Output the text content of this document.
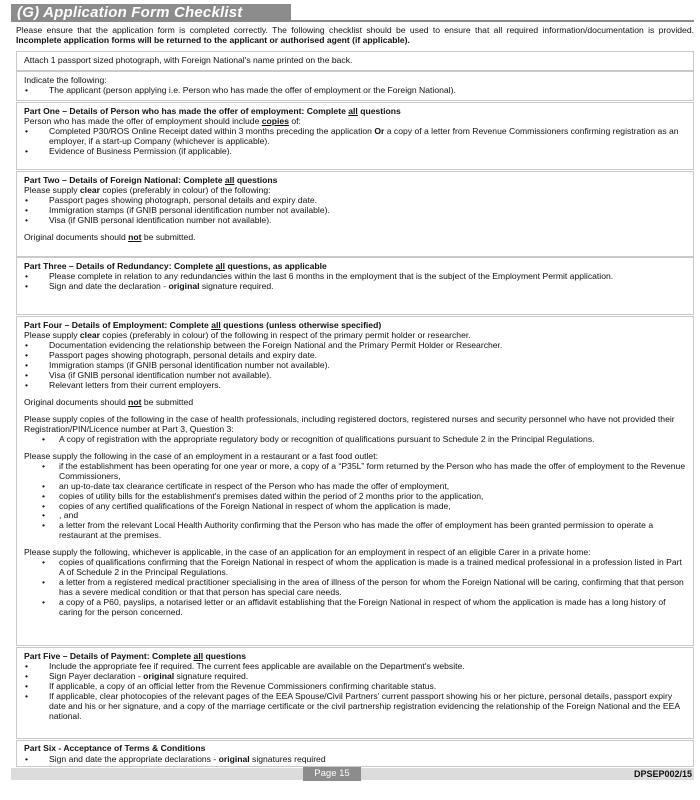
(G) Application Form Checklist

Please ensure that the application form is completed correctly. The following checklist should be used to ensure that all required information/documentation is provided. Incomplete application forms will be returned to the applicant or authorised agent (if applicable).

Attach 1 passport sized photograph, with Foreign National's name printed on the back.

Indicate the following:

• The applicant (person applying i.e. Person who has made the offer of employment or the Foreign National).

Part One – Details of Person who has made the offer of employment: Complete all questions

Person who has made the offer of employment should include copies of:

• Completed P30/ROS Online Receipt dated within 3 months preceding the application Or a copy of a letter from Revenue Commissioners confirming registration as an employer, if a start-up Company (whichever is applicable).
• Evidence of Business Permission (if applicable).

Part Two – Details of Foreign National: Complete all questions

Please supply clear copies (preferably in colour) of the following:

• Passport pages showing photograph, personal details and expiry date.
• Immigration stamps (if GNIB personal identification number not available).
• Visa (if GNIB personal identification number not available).

Original documents should not be submitted.

Part Three – Details of Redundancy: Complete all questions, as applicable

• Please complete in relation to any redundancies within the last 6 months in the employment that is the subject of the Employment Permit application.
• Sign and date the declaration - original signature required.

Part Four – Details of Employment: Complete all questions (unless otherwise specified)

Please supply clear copies (preferably in colour) of the following in respect of the primary permit holder or researcher.

• Documentation evidencing the relationship between the Foreign National and the Primary Permit Holder or Researcher.
• Passport pages showing photograph, personal details and expiry date.
• Immigration stamps (if GNIB personal identification number not available).
• Visa (if GNIB personal identification number not available).
• Relevant letters from their current employers.

Original documents should not be submitted

Please supply copies of the following in the case of health professionals, including registered doctors, registered nurses and security personnel who have not provided their Registration/PIN/Licence number at Part 3, Question 3:

• A copy of registration with the appropriate regulatory body or recognition of qualifications pursuant to Schedule 2 in the Principal Regulations.

Please supply the following in the case of an employment in a restaurant or a fast food outlet:

• if the establishment has been operating for one year or more, a copy of a “P35L” form returned by the Person who has made the offer of employment to the Revenue Commissioners,
• an up-to-date tax clearance certificate in respect of the Person who has made the offer of employment,
• copies of utility bills for the establishment's premises dated within the period of 2 months prior to the application,
• copies of any certified qualifications of the Foreign National in respect of whom the application is made,
• , and
• a letter from the relevant Local Health Authority confirming that the Person who has made the offer of employment has been granted permission to operate a restaurant at the premises.

Please supply the following, whichever is applicable, in the case of an application for an employment in respect of an eligible Carer in a private home:

• copies of qualifications confirming that the Foreign National in respect of whom the application is made is a trained medical professional in a profession listed in Part A of Schedule 2 in the Principal Regulations.
• a letter from a registered medical practitioner specialising in the area of illness of the person for whom the Foreign National will be caring, confirming that that person has a severe medical condition or that that person has special care needs.
• a copy of a P60, payslips, a notarised letter or an affidavit establishing that the Foreign National in respect of whom the application is made has a long history of caring for the person concerned.

Part Five – Details of Payment: Complete all questions

• Include the appropriate fee if required. The current fees applicable are available on the Department's website.
• Sign Payer declaration - original signature required.
• If applicable, a copy of an official letter from the Revenue Commissioners confirming charitable status.
• If applicable, clear photocopies of the relevant pages of the EEA Spouse/Civil Partners' current passport showing his or her picture, personal details, passport expiry date and his or her signature, and a copy of the marriage certificate or the civil partnership registration evidencing the relationship of the Foreign National and the EEA national.

Part Six - Acceptance of Terms & Conditions

• Sign and date the appropriate declarations - original signatures required
Page 15	DPSEP002/15
